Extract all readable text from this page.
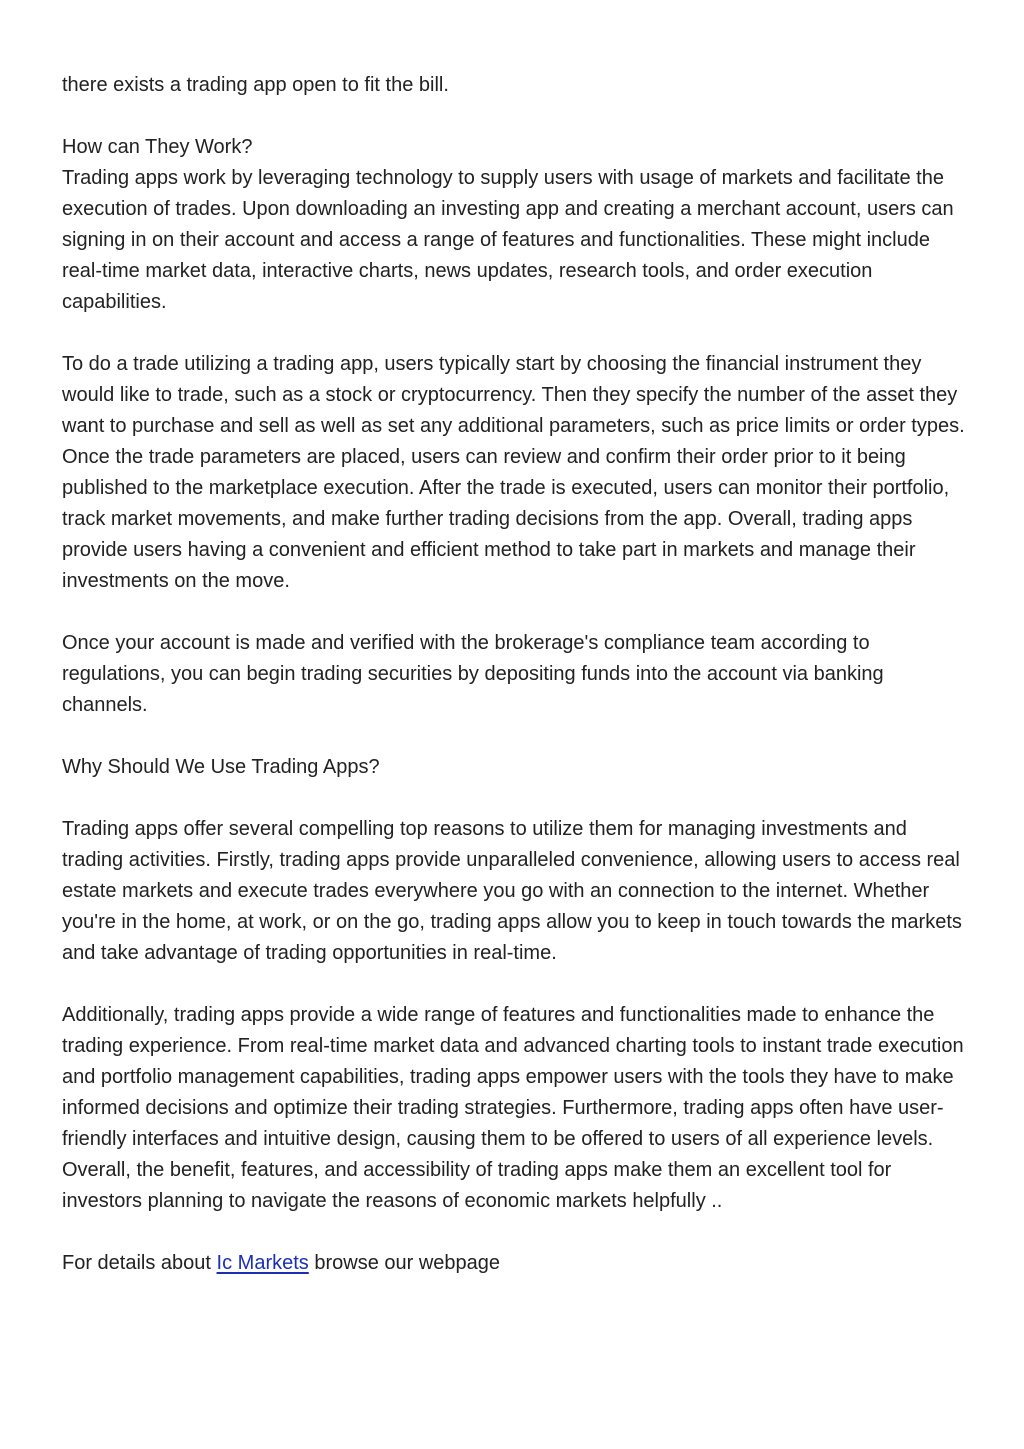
there exists a trading app open to fit the bill.

How can They Work?

Trading apps work by leveraging technology to supply users with usage of markets and facilitate the execution of trades. Upon downloading an investing app and creating a merchant account, users can signing in on their account and access a range of features and functionalities. These might include real-time market data, interactive charts, news updates, research tools, and order execution capabilities.

To do a trade utilizing a trading app, users typically start by choosing the financial instrument they would like to trade, such as a stock or cryptocurrency. Then they specify the number of the asset they want to purchase and sell as well as set any additional parameters, such as price limits or order types. Once the trade parameters are placed, users can review and confirm their order prior to it being published to the marketplace execution. After the trade is executed, users can monitor their portfolio, track market movements, and make further trading decisions from the app. Overall, trading apps provide users having a convenient and efficient method to take part in markets and manage their investments on the move.

Once your account is made and verified with the brokerage's compliance team according to regulations, you can begin trading securities by depositing funds into the account via banking channels.

Why Should We Use Trading Apps?

Trading apps offer several compelling top reasons to utilize them for managing investments and trading activities. Firstly, trading apps provide unparalleled convenience, allowing users to access real estate markets and execute trades everywhere you go with an connection to the internet. Whether you're in the home, at work, or on the go, trading apps allow you to keep in touch towards the markets and take advantage of trading opportunities in real-time.

Additionally, trading apps provide a wide range of features and functionalities made to enhance the trading experience. From real-time market data and advanced charting tools to instant trade execution and portfolio management capabilities, trading apps empower users with the tools they have to make informed decisions and optimize their trading strategies. Furthermore, trading apps often have user-friendly interfaces and intuitive design, causing them to be offered to users of all experience levels. Overall, the benefit, features, and accessibility of trading apps make them an excellent tool for investors planning to navigate the reasons of economic markets helpfully ..

For details about Ic Markets browse our webpage
